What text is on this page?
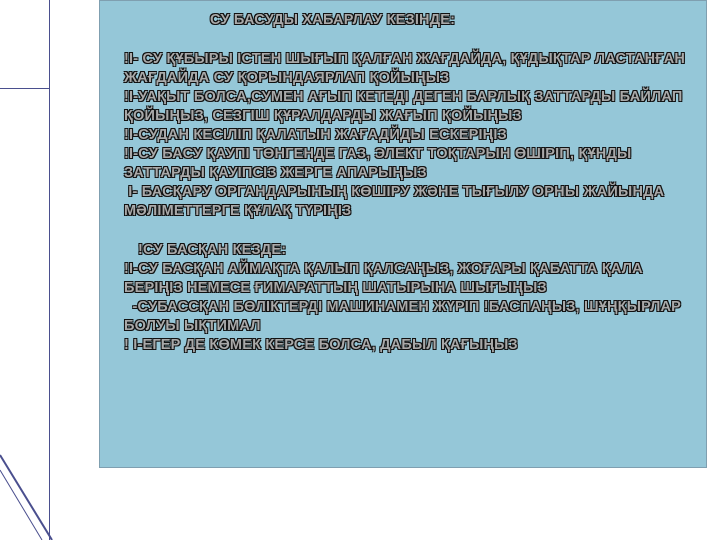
СУ БАСУДЫ ХАБАРЛАУ КЕЗІНДЕ:

!I- СУ ҚҰБЫРЫ ІСТЕН ШЫҒЫП ҚАЛҒАН ЖАҒДАЙДА, ҚҰДЫҚТАР ЛАСТАНҒАН ЖАҒДАЙДА СУ ҚОРЫНДАЯРЛАП ҚОЙЫҢЫЗ

!I-УАҚЫТ БОЛСА,СУМЕН АҒЫП КЕТЕДІ ДЕГЕН БАРЛЫҚ ЗАТТАРДЫ БАЙЛАП ҚОЙЫҢЫЗ, СЕЗГІШ ҚҰРАЛДАРДЫ ЖАҒЫП ҚОЙЫҢЫЗ

!I-СУДАН КЕСІЛІП ҚАЛАТЫН ЖАҒАДЙДЫ ЕСКЕРІҢІЗ

!I-СУ БАСУ ҚАУПІ ТӨНГЕНДЕ ГАЗ, ЭЛЕКТ ТОҚТАРЫН ӨШІРІП, ҚҰНДЫ ЗАТТАРДЫ ҚАУІПСІЗ ЖЕРГЕ АПАРЫҢЫЗ

I- БАСҚАРУ ОРГАНДАРЫНЫҢ КӨШІРУ ЖӘНЕ ТЫҒЫЛУ ОРНЫ ЖАЙЫНДА МӘЛІМЕТТЕРГЕ ҚҰЛАҚ ТҮРІҢІЗ

!СУ БАСҚАН КЕЗДЕ:

!I-СУ БАСҚАН АЙМАҚТА ҚАЛЫП ҚАЛСАҢЫЗ, ЖОҒАРЫ ҚАБАТТА ҚАЛА БЕРІҢІЗ НЕМЕСЕ ҒИМАРАТТЫҢ ШАТЫРЫНА ШЫҒЫҢЫЗ

-СУБАССҚАН БӨЛІКТЕРДІ МАШИНАМЕН ЖҮРІП !БАСПАҢЫЗ, ШҰҢҚЫРЛАР БОЛУЫ ЫҚТИМАЛ

! I-ЕГЕР ДЕ КӨМЕК КЕРСЕ БОЛСА, ДАБЫЛ ҚАҒЫҢЫЗ
